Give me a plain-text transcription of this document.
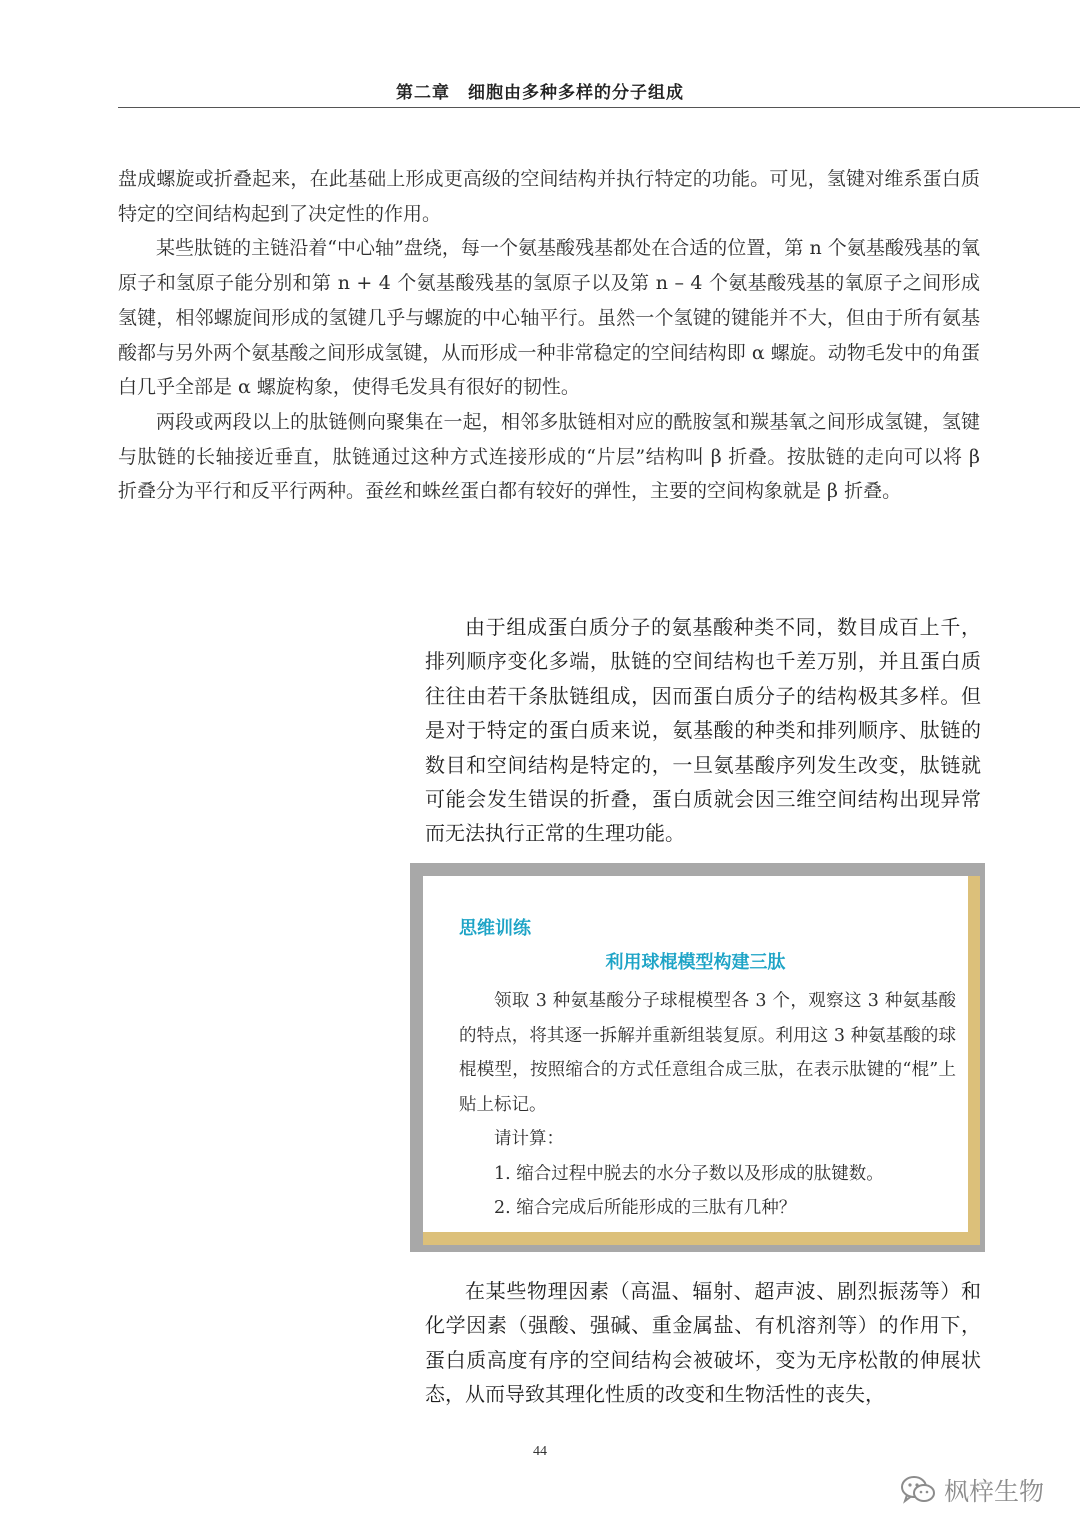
第二章　细胞由多种多样的分子组成

盘成螺旋或折叠起来，在此基础上形成更高级的空间结构并执行特定的功能。可见，氢键对维系蛋白质特定的空间结构起到了决定性的作用。

某些肽链的主链沿着“中心轴”盘绕，每一个氨基酸残基都处在合适的位置，第 n 个氨基酸残基的氧原子和氢原子能分别和第 n + 4 个氨基酸残基的氢原子以及第 n – 4 个氨基酸残基的氧原子之间形成氢键，相邻螺旋间形成的氢键几乎与螺旋的中心轴平行。虽然一个氢键的键能并不大，但由于所有氨基酸都与另外两个氨基酸之间形成氢键，从而形成一种非常稳定的空间结构即 α 螺旋。动物毛发中的角蛋白几乎全部是 α 螺旋构象，使得毛发具有很好的韧性。

两段或两段以上的肽链侧向聚集在一起，相邻多肽链相对应的酰胺氢和羰基氧之间形成氢键，氢键与肽链的长轴接近垂直，肽链通过这种方式连接形成的“片层”结构叫 β 折叠。按肽链的走向可以将 β 折叠分为平行和反平行两种。蚕丝和蛛丝蛋白都有较好的弹性，主要的空间构象就是 β 折叠。

由于组成蛋白质分子的氨基酸种类不同，数目成百上千，排列顺序变化多端，肽链的空间结构也千差万别，并且蛋白质往往由若干条肽链组成，因而蛋白质分子的结构极其多样。但是对于特定的蛋白质来说，氨基酸的种类和排列顺序、肽链的数目和空间结构是特定的，一旦氨基酸序列发生改变，肽链就可能会发生错误的折叠，蛋白质就会因三维空间结构出现异常而无法执行正常的生理功能。

思维训练
利用球棍模型构建三肽

领取 3 种氨基酸分子球棍模型各 3 个，观察这 3 种氨基酸的特点，将其逐一拆解并重新组装复原。利用这 3 种氨基酸的球棍模型，按照缩合的方式任意组合成三肽，在表示肽键的“棍”上贴上标记。

请计算：

1. 缩合过程中脱去的水分子数以及形成的肽键数。

2. 缩合完成后所能形成的三肽有几种？

在某些物理因素（高温、辐射、超声波、剧烈振荡等）和化学因素（强酸、强碱、重金属盐、有机溶剂等）的作用下，蛋白质高度有序的空间结构会被破坏，变为无序松散的伸展状态，从而导致其理化性质的改变和生物活性的丧失，

44
枫梓生物
